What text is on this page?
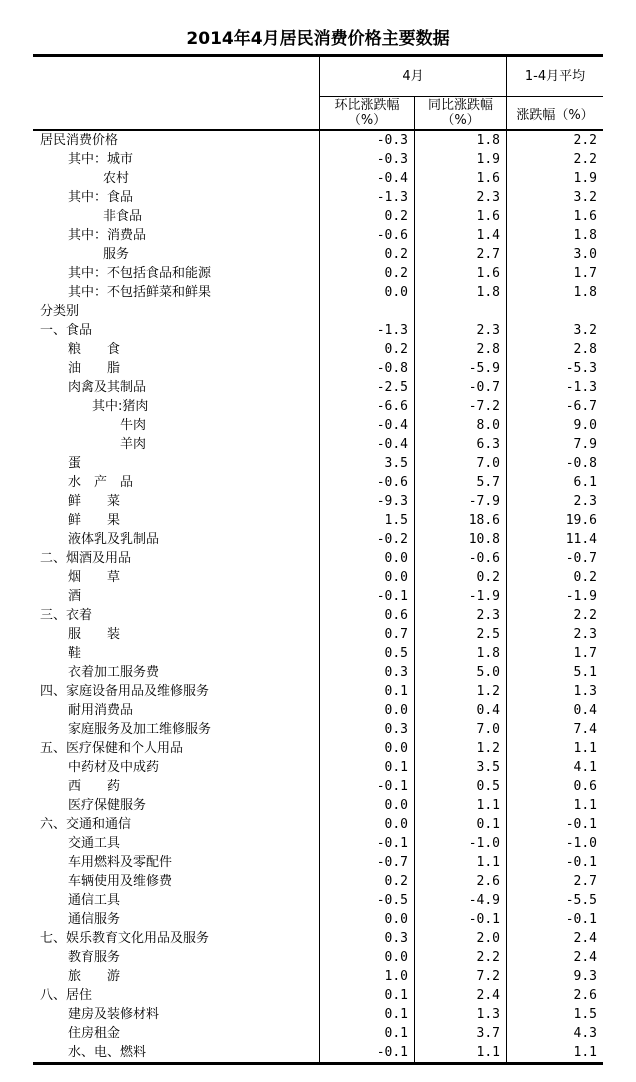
2014年4月居民消费价格主要数据
4月	1-4月平均
环比涨跌幅
（%）
同比涨跌幅
（%）	涨跌幅（%）
居民消费价格	-0.3	1.8	2.2
其中：城市	-0.3	1.9	2.2
农村	-0.4	1.6	1.9
其中：食品	-1.3	2.3	3.2
非食品	0.2	1.6	1.6
其中：消费品	-0.6	1.4	1.8
服务	0.2	2.7	3.0
其中：不包括食品和能源	0.2	1.6	1.7
其中：不包括鲜菜和鲜果	0.0	1.8	1.8
分类别
一、食品	-1.3	2.3	3.2
粮　　食	0.2	2.8	2.8
油　　脂	-0.8	-5.9	-5.3
肉禽及其制品	-2.5	-0.7	-1.3
其中:猪肉	-6.6	-7.2	-6.7
牛肉	-0.4	8.0	9.0
羊肉	-0.4	6.3	7.9
蛋	3.5	7.0	-0.8
水　产　品	-0.6	5.7	6.1
鲜　　菜	-9.3	-7.9	2.3
鲜　　果	1.5	18.6	19.6
液体乳及乳制品	-0.2	10.8	11.4
二、烟酒及用品	0.0	-0.6	-0.7
烟　　草	0.0	0.2	0.2
酒	-0.1	-1.9	-1.9
三、衣着	0.6	2.3	2.2
服　　装	0.7	2.5	2.3
鞋	0.5	1.8	1.7
衣着加工服务费	0.3	5.0	5.1
四、家庭设备用品及维修服务	0.1	1.2	1.3
耐用消费品	0.0	0.4	0.4
家庭服务及加工维修服务	0.3	7.0	7.4
五、医疗保健和个人用品	0.0	1.2	1.1
中药材及中成药	0.1	3.5	4.1
西　　药	-0.1	0.5	0.6
医疗保健服务	0.0	1.1	1.1
六、交通和通信	0.0	0.1	-0.1
交通工具	-0.1	-1.0	-1.0
车用燃料及零配件	-0.7	1.1	-0.1
车辆使用及维修费	0.2	2.6	2.7
通信工具	-0.5	-4.9	-5.5
通信服务	0.0	-0.1	-0.1
七、娱乐教育文化用品及服务	0.3	2.0	2.4
教育服务	0.0	2.2	2.4
旅　　游	1.0	7.2	9.3
八、居住	0.1	2.4	2.6
建房及装修材料	0.1	1.3	1.5
住房租金	0.1	3.7	4.3
水、电、燃料	-0.1	1.1	1.1
